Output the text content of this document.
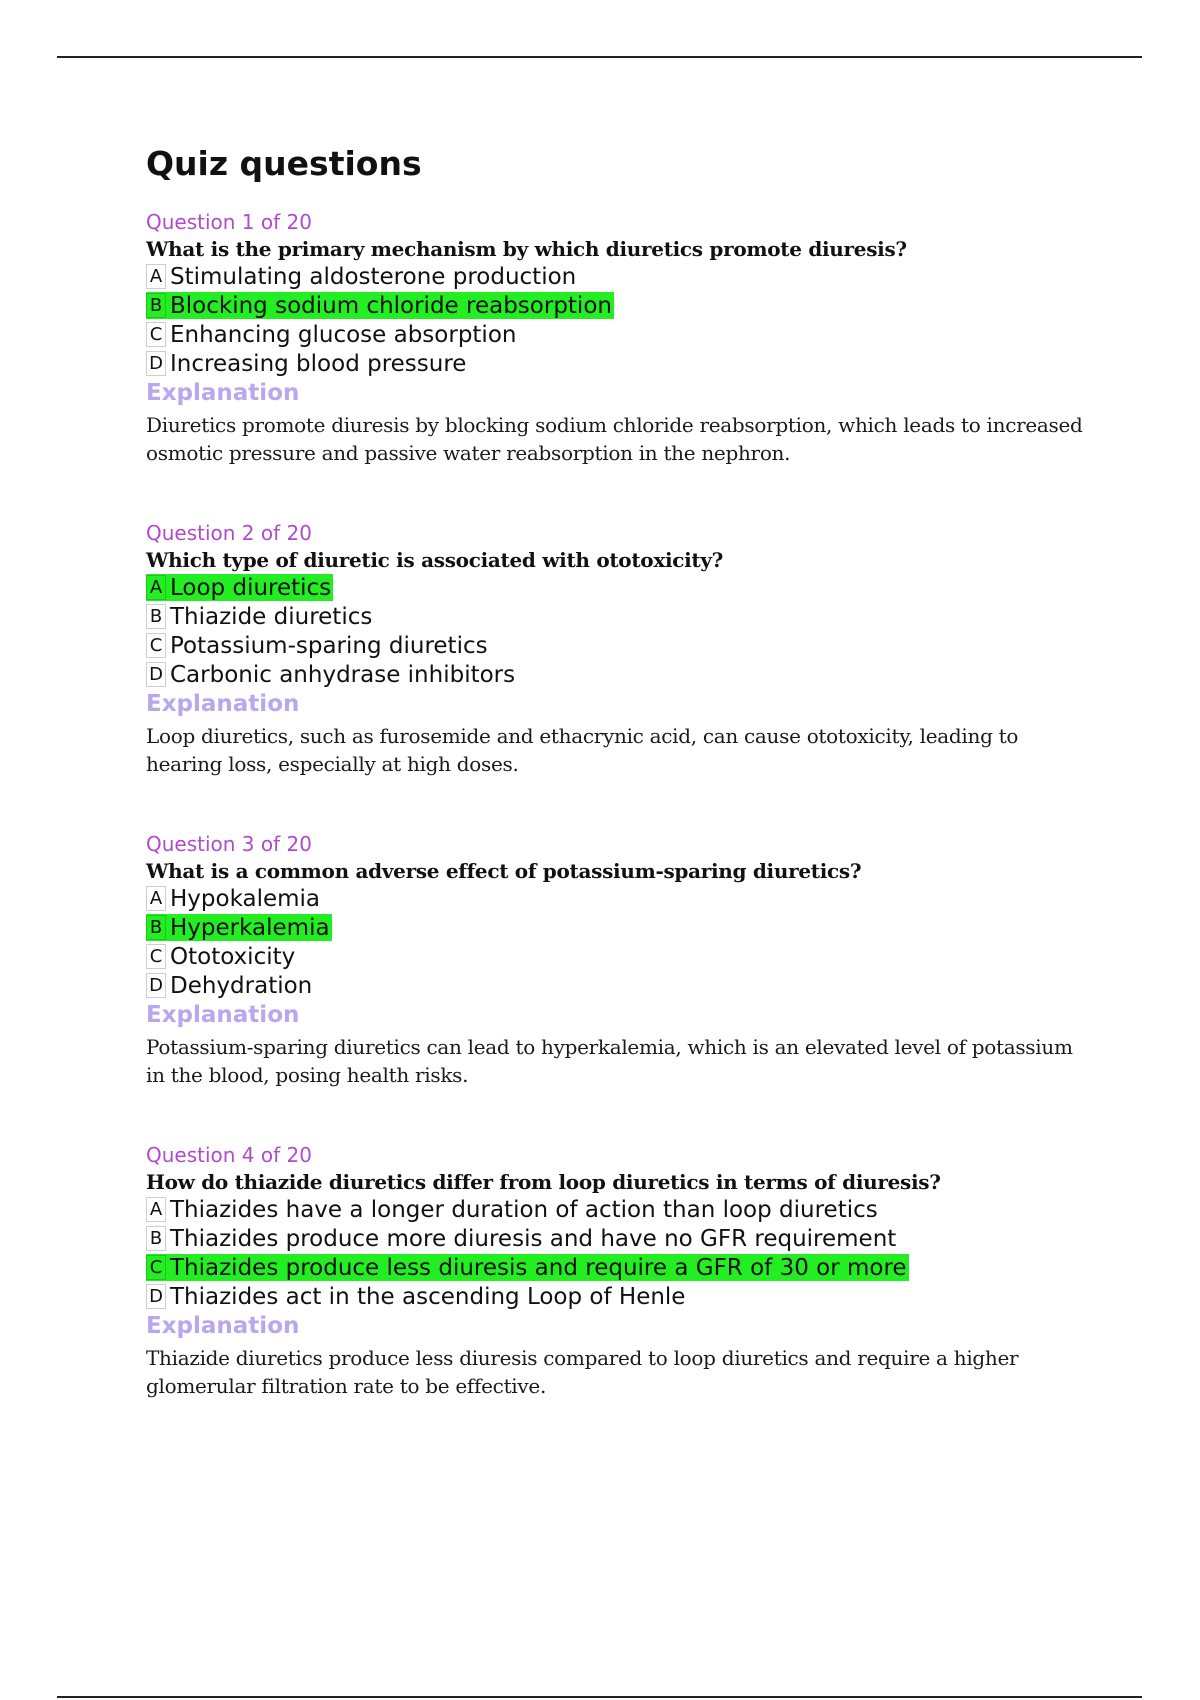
Quiz questions
Question 1 of 20
What is the primary mechanism by which diuretics promote diuresis?
A Stimulating aldosterone production
B Blocking sodium chloride reabsorption
C Enhancing glucose absorption
D Increasing blood pressure
Explanation
Diuretics promote diuresis by blocking sodium chloride reabsorption, which leads to increased osmotic pressure and passive water reabsorption in the nephron.
Question 2 of 20
Which type of diuretic is associated with ototoxicity?
A Loop diuretics
B Thiazide diuretics
C Potassium-sparing diuretics
D Carbonic anhydrase inhibitors
Explanation
Loop diuretics, such as furosemide and ethacrynic acid, can cause ototoxicity, leading to hearing loss, especially at high doses.
Question 3 of 20
What is a common adverse effect of potassium-sparing diuretics?
A Hypokalemia
B Hyperkalemia
C Ototoxicity
D Dehydration
Explanation
Potassium-sparing diuretics can lead to hyperkalemia, which is an elevated level of potassium in the blood, posing health risks.
Question 4 of 20
How do thiazide diuretics differ from loop diuretics in terms of diuresis?
A Thiazides have a longer duration of action than loop diuretics
B Thiazides produce more diuresis and have no GFR requirement
C Thiazides produce less diuresis and require a GFR of 30 or more
D Thiazides act in the ascending Loop of Henle
Explanation
Thiazide diuretics produce less diuresis compared to loop diuretics and require a higher glomerular filtration rate to be effective.
